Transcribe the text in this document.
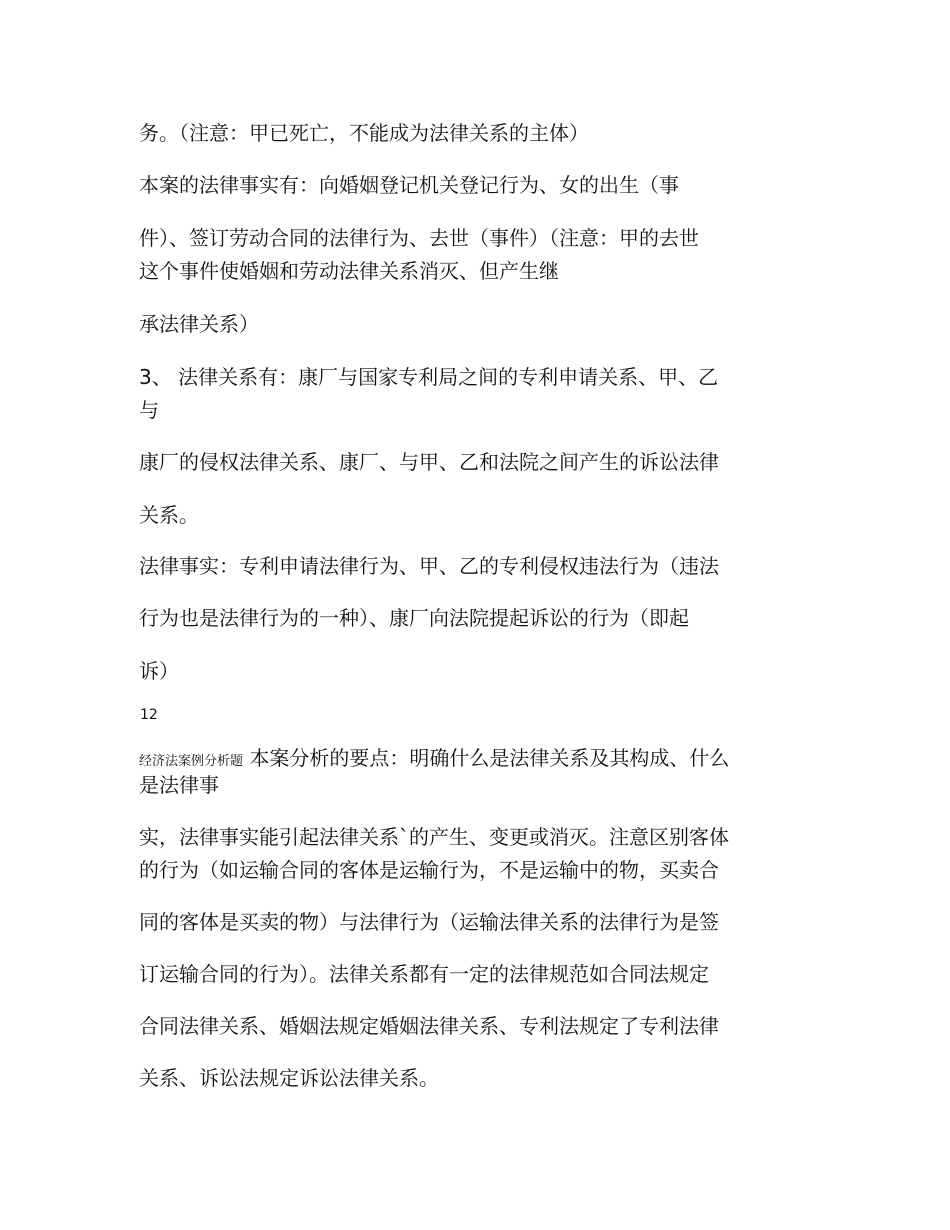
务。（注意：甲已死亡，不能成为法律关系的主体）

本案的法律事实有：向婚姻登记机关登记行为、女的出生（事

件）、签订劳动合同的法律行为、去世（事件）（注意：甲的去世

这个事件使婚姻和劳动法律关系消灭、但产生继

承法律关系）

3、 法律关系有：康厂与国家专利局之间的专利申请关系、甲、乙

与

康厂的侵权法律关系、康厂、与甲、乙和法院之间产生的诉讼法律

关系。

法律事实：专利申请法律行为、甲、乙的专利侵权违法行为（违法

行为也是法律行为的一种）、康厂向法院提起诉讼的行为（即起

诉）

12

经济法案例分析题 本案分析的要点：明确什么是法律关系及其构成、什么

是法律事

实，法律事实能引起法律关系`的产生、变更或消灭。注意区别客体

的行为（如运输合同的客体是运输行为，不是运输中的物，买卖合

同的客体是买卖的物）与法律行为（运输法律关系的法律行为是签

订运输合同的行为）。法律关系都有一定的法律规范如合同法规定

合同法律关系、婚姻法规定婚姻法律关系、专利法规定了专利法律

关系、诉讼法规定诉讼法律关系。
